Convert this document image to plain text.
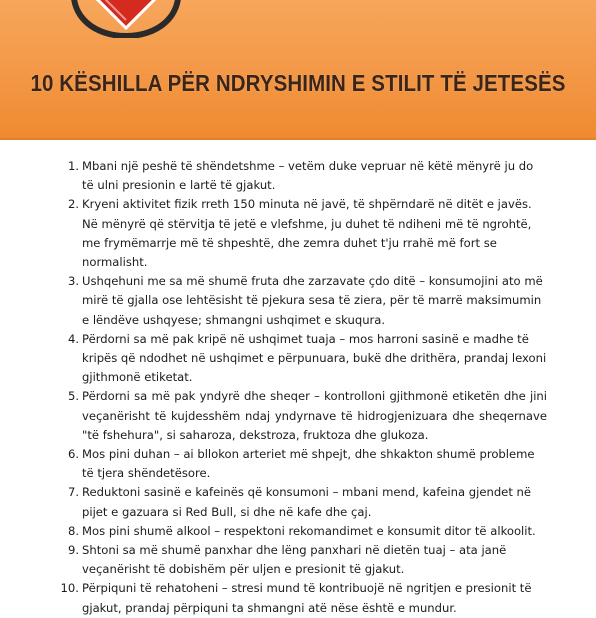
10 KËSHILLA PËR NDRYSHIMIN E STILIT TË JETESËS
1. Mbani një peshë të shëndetshme – vetëm duke vepruar në këtë mënyrë ju do të ulni presionin e lartë të gjakut.
2. Kryeni aktivitet fizik rreth 150 minuta në javë, të shpërndarë në ditët e javës. Në mënyrë që stërvitja të jetë e vlefshme, ju duhet të ndiheni më të ngrohtë, me frymëmarrje më të shpeshtë, dhe zemra duhet t'ju rrahë më fort se normalisht.
3. Ushqehuni me sa më shumë fruta dhe zarzavate çdo ditë – konsumojini ato më mirë të gjalla ose lehtësisht të pjekura sesa të ziera, për të marrë maksimumin e lëndëve ushqyese; shmangni ushqimet e skuqura.
4. Përdorni sa më pak kripë në ushqimet tuaja – mos harroni sasinë e madhe të kripës që ndodhet në ushqimet e përpunuara, bukë dhe drithëra, prandaj lexoni gjithmonë etiketat.
5. Përdorni sa më pak yndyrë dhe sheqer – kontrolloni gjithmonë etiketën dhe jini veçanërisht të kujdesshëm ndaj yndyrnave të hidrogjenizuara dhe sheqernave "të fshehura", si saharoza, dekstroza, fruktoza dhe glukoza.
6. Mos pini duhan – ai bllokon arteriet më shpejt, dhe shkakton shumë probleme të tjera shëndetësore.
7. Reduktoni sasinë e kafeinës që konsumoni – mbani mend, kafeina gjendet në pijet e gazuara si Red Bull, si dhe në kafe dhe çaj.
8. Mos pini shumë alkool – respektoni rekomandimet e konsumit ditor të alkoolit.
9. Shtoni sa më shumë panxhar dhe lëng panxhari në dietën tuaj – ata janë veçanërisht të dobishëm për uljen e presionit të gjakut.
10. Përpiquni të rehatoheni – stresi mund të kontribuojë në ngritjen e presionit të gjakut, prandaj përpiquni ta shmangni atë nëse është e mundur.
